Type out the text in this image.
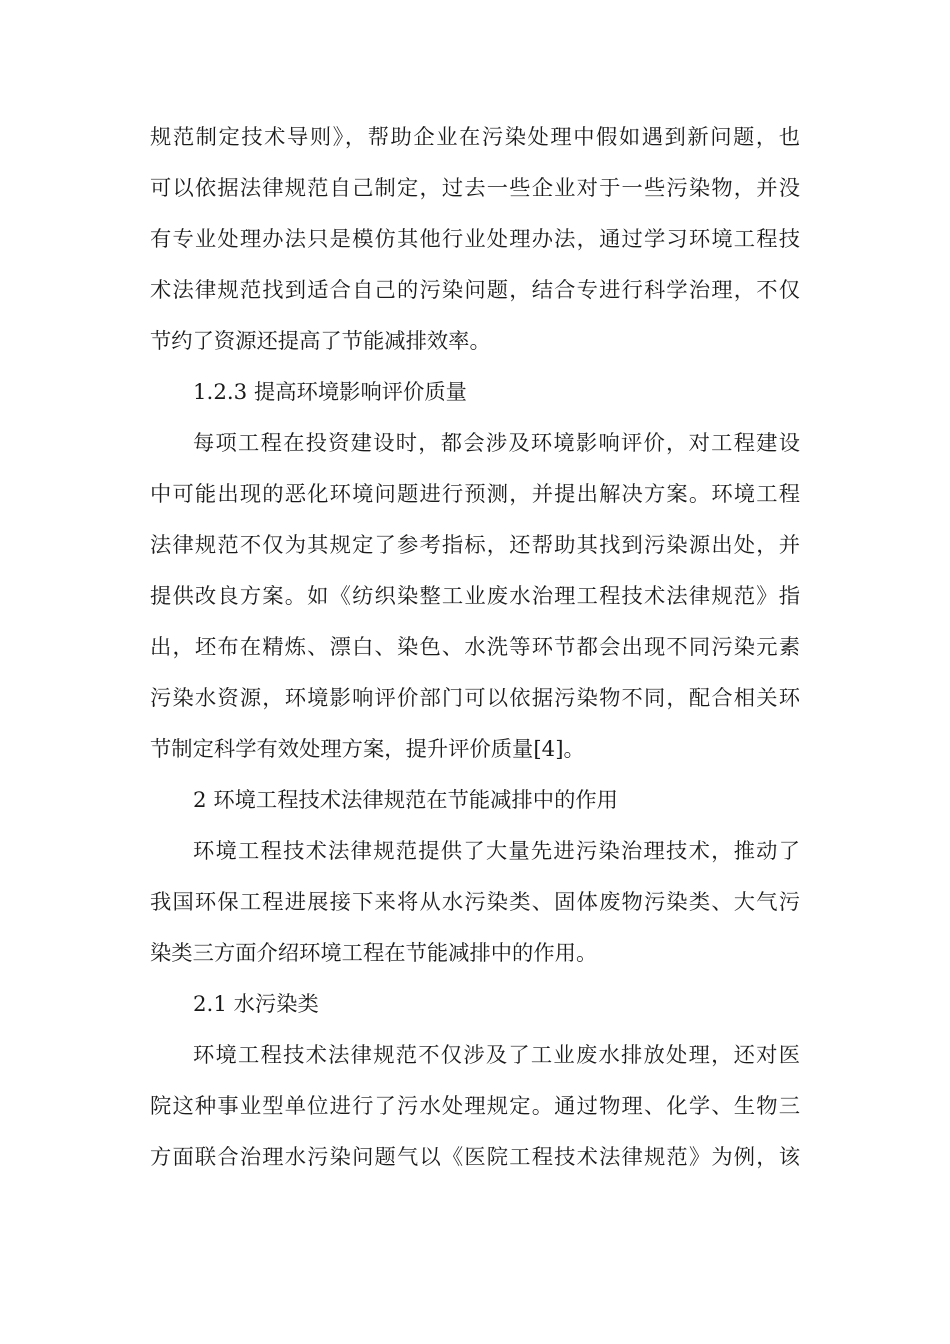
规范制定技术导则》，帮助企业在污染处理中假如遇到新问题，也
可以依据法律规范自己制定，过去一些企业对于一些污染物，并没
有专业处理办法只是模仿其他行业处理办法，通过学习环境工程技
术法律规范找到适合自己的污染问题，结合专进行科学治理，不仅
节约了资源还提高了节能减排效率。
1.2.3 提高环境影响评价质量
每项工程在投资建设时，都会涉及环境影响评价，对工程建设
中可能出现的恶化环境问题进行预测，并提出解决方案。环境工程
法律规范不仅为其规定了参考指标，还帮助其找到污染源出处，并
提供改良方案。如《纺织染整工业废水治理工程技术法律规范》指
出，坯布在精炼、漂白、染色、水洗等环节都会出现不同污染元素
污染水资源，环境影响评价部门可以依据污染物不同，配合相关环
节制定科学有效处理方案，提升评价质量[4]。
2 环境工程技术法律规范在节能减排中的作用
环境工程技术法律规范提供了大量先进污染治理技术，推动了
我国环保工程进展接下来将从水污染类、固体废物污染类、大气污
染类三方面介绍环境工程在节能减排中的作用。
2.1 水污染类
环境工程技术法律规范不仅涉及了工业废水排放处理，还对医
院这种事业型单位进行了污水处理规定。通过物理、化学、生物三
方面联合治理水污染问题气以《医院工程技术法律规范》为例，该
